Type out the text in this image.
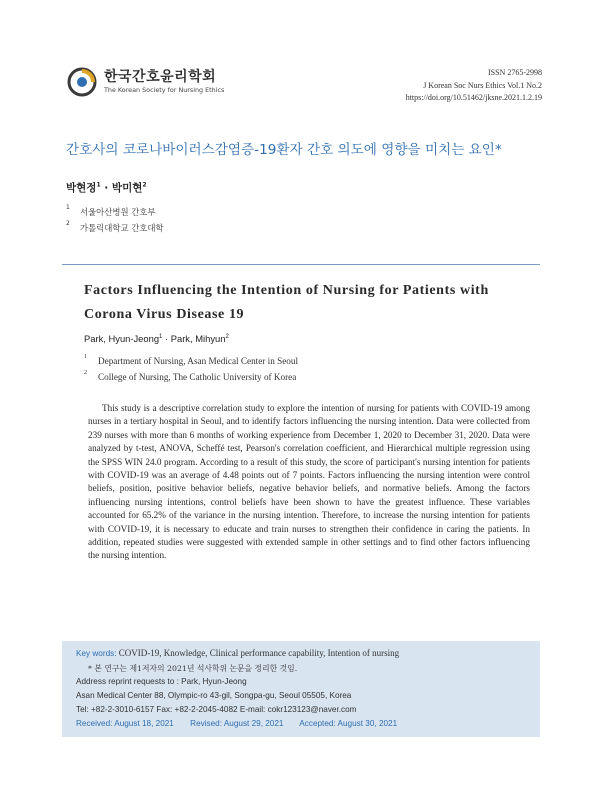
한국간호윤리학회
The Korean Society for Nursing Ethics
ISSN 2765-2998
J Korean Soc Nurs Ethics Vol.1 No.2
https://doi.org/10.51462/jksne.2021.1.2.19
간호사의 코로나바이러스감염증-19환자 간호 의도에 영향을 미치는 요인*
박현정$^1$ · 박미현$^2$
1 서울아산병원 간호부
2 가톨릭대학교 간호대학
Factors Influencing the Intention of Nursing for Patients with Corona Virus Disease 19
Park, Hyun-Jeong$^1$ · Park, Mihyun$^2$
1 Department of Nursing, Asan Medical Center in Seoul
2 College of Nursing, The Catholic University of Korea
This study is a descriptive correlation study to explore the intention of nursing for patients with COVID-19 among nurses in a tertiary hospital in Seoul, and to identify factors influencing the nursing intention. Data were collected from 239 nurses with more than 6 months of working experience from December 1, 2020 to December 31, 2020. Data were analyzed by t-test, ANOVA, Scheffé test, Pearson's correlation coefficient, and Hierarchical multiple regression using the SPSS WIN 24.0 program. According to a result of this study, the score of participant's nursing intention for patients with COVID-19 was an average of 4.48 points out of 7 points. Factors influencing the nursing intention were control beliefs, position, positive behavior beliefs, negative behavior beliefs, and normative beliefs. Among the factors influencing nursing intentions, control beliefs have been shown to have the greatest influence. These variables accounted for 65.2% of the variance in the nursing intention. Therefore, to increase the nursing intention for patients with COVID-19, it is necessary to educate and train nurses to strengthen their confidence in caring the patients. In addition, repeated studies were suggested with extended sample in other settings and to find other factors influencing the nursing intention.
Key words: COVID-19, Knowledge, Clinical performance capability, Intention of nursing
* 본 연구는 제1저자의 2021년 석사학위 논문을 정리한 것임.
Address reprint requests to : Park, Hyun-Jeong
Asan Medical Center 88, Olympic-ro 43-gil, Songpa-gu, Seoul 05505, Korea
Tel: +82-2-3010-6157 Fax: +82-2-2045-4082 E-mail: cokr123123@naver.com
Received: August 18, 2021 Revised: August 29, 2021 Accepted: August 30, 2021
